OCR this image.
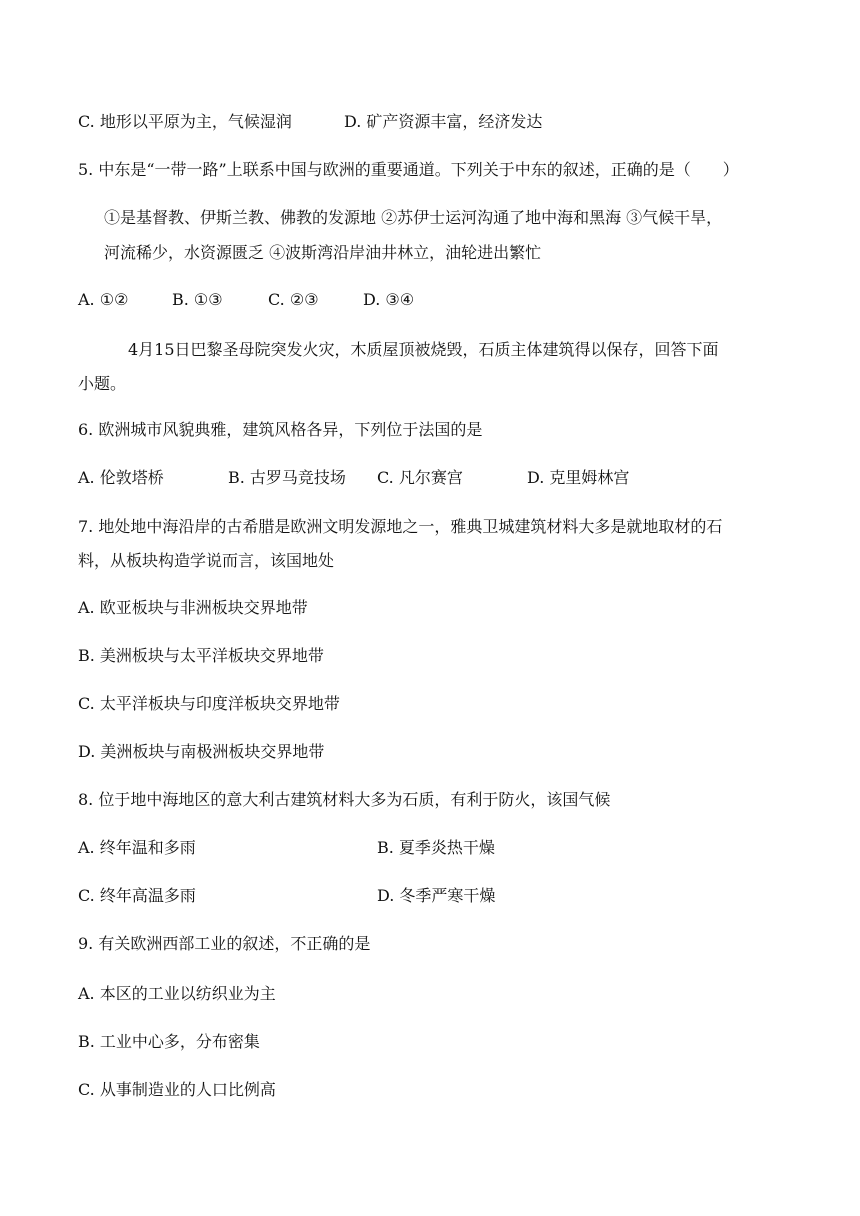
C. 地形以平原为主，气候湿润	D. 矿产资源丰富，经济发达
5. 中东是“一带一路”上联系中国与欧洲的重要通道。下列关于中东的叙述，正确的是（　　）
①是基督教、伊斯兰教、佛教的发源地 ②苏伊士运河沟通了地中海和黑海 ③气候干旱，
河流稀少，水资源匮乏 ④波斯湾沿岸油井林立，油轮进出繁忙
A. ①②	B. ①③	C. ②③	D. ③④
4月15日巴黎圣母院突发火灾，木质屋顶被烧毁，石质主体建筑得以保存，回答下面
小题。
6. 欧洲城市风貌典雅，建筑风格各异，下列位于法国的是
A. 伦敦塔桥	B. 古罗马竞技场 C. 凡尔赛宫	D. 克里姆林宫
7. 地处地中海沿岸的古希腊是欧洲文明发源地之一，雅典卫城建筑材料大多是就地取材的石
料，从板块构造学说而言，该国地处
A. 欧亚板块与非洲板块交界地带
B. 美洲板块与太平洋板块交界地带
C. 太平洋板块与印度洋板块交界地带
D. 美洲板块与南极洲板块交界地带
8. 位于地中海地区的意大利古建筑材料大多为石质，有利于防火，该国气候
A. 终年温和多雨	B. 夏季炎热干燥
C. 终年高温多雨	D. 冬季严寒干燥
9. 有关欧洲西部工业的叙述，不正确的是
A. 本区的工业以纺织业为主
B. 工业中心多，分布密集
C. 从事制造业的人口比例高
